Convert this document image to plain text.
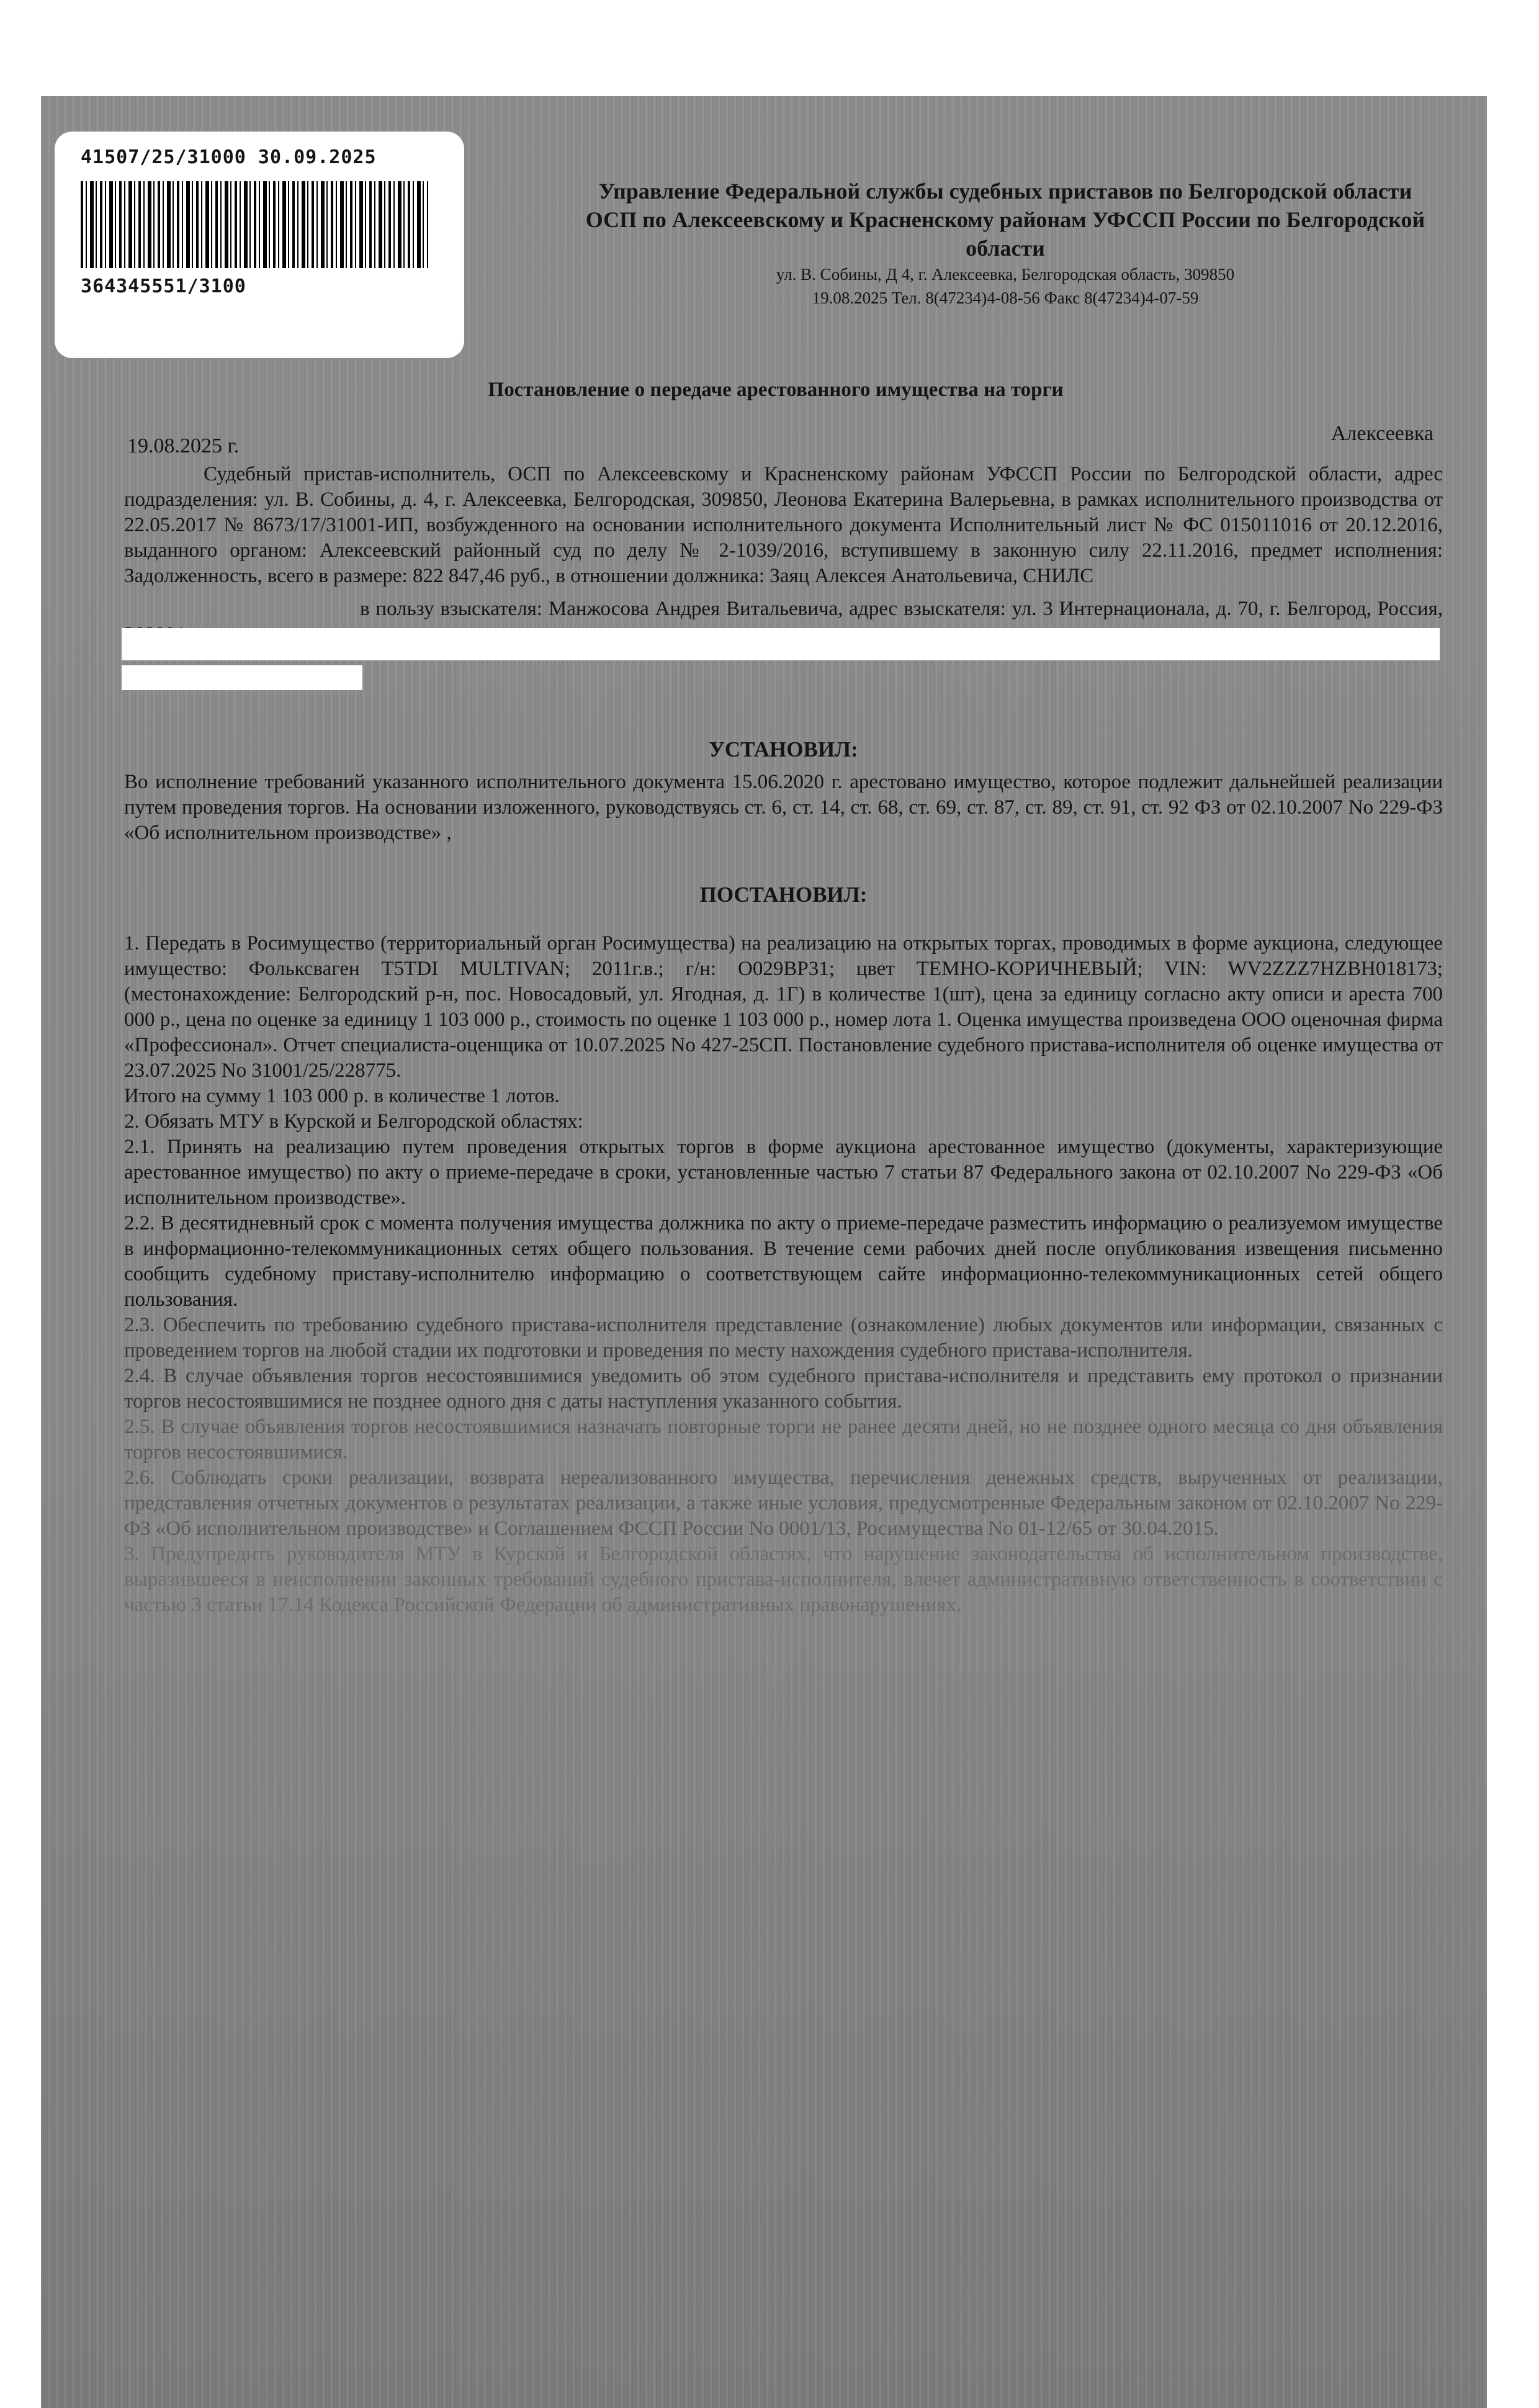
41507/25/31000 30.09.2025
364345551/3100
Управление Федеральной службы судебных приставов по Белгородской области
ОСП по Алексеевскому и Красненскому районам УФССП России по Белгородской области
ул. В. Собины, Д 4, г. Алексеевка, Белгородская область, 309850
19.08.2025 Тел. 8(47234)4-08-56 Факс 8(47234)4-07-59
Постановление о передаче арестованного имущества на торги
Алексеевка
19.08.2025 г.
Судебный пристав-исполнитель, ОСП по Алексеевскому и Красненскому районам УФССП России по Белгородской области, адрес подразделения: ул. В. Собины, д. 4, г. Алексеевка, Белгородская, 309850, Леонова Екатерина Валерьевна, в рамках исполнительного производства от 22.05.2017 № 8673/17/31001-ИП, возбужденного на основании исполнительного документа Исполнительный лист № ФС 015011016 от 20.12.2016, выданного органом: Алексеевский районный суд по делу № 2-1039/2016, вступившему в законную силу 22.11.2016, предмет исполнения: Задолженность, всего в размере: 822 847,46 руб., в отношении должника: Заяц Алексея Анатольевича, СНИЛС
в пользу взыскателя: Манжосова Андрея Витальевича, адрес взыскателя: ул. 3 Интернационала, д. 70, г. Белгород, Россия,
УСТАНОВИЛ:
Во исполнение требований указанного исполнительного документа 15.06.2020 г. арестовано имущество, которое подлежит дальнейшей реализации путем проведения торгов. На основании изложенного, руководствуясь ст. 6, ст. 14, ст. 68, ст. 69, ст. 87, ст. 89, ст. 91, ст. 92 ФЗ от 02.10.2007 No 229-ФЗ «Об исполнительном производстве» ,
ПОСТАНОВИЛ:
1. Передать в Росимущество (территориальный орган Росимущества) на реализацию на открытых торгах, проводимых в форме аукциона, следующее имущество: Фольксваген T5TDI MULTIVAN; 2011г.в.; г/н: O029BP31; цвет ТЕМНО-КОРИЧНЕВЫЙ; VIN: WV2ZZZ7HZBH018173; (местонахождение: Белгородский р-н, пос. Новосадовый, ул. Ягодная, д. 1Г) в количестве 1(шт), цена за единицу согласно акту описи и ареста 700 000 р., цена по оценке за единицу 1 103 000 р., стоимость по оценке 1 103 000 р., номер лота 1. Оценка имущества произведена ООО оценочная фирма «Профессионал». Отчет специалиста-оценщика от 10.07.2025 No 427-25СП. Постановление судебного пристава-исполнителя об оценке имущества от 23.07.2025 No 31001/25/228775.
Итого на сумму 1 103 000 р. в количестве 1 лотов.
2. Обязать МТУ в Курской и Белгородской областях:
2.1. Принять на реализацию путем проведения открытых торгов в форме аукциона арестованное имущество (документы, характеризующие арестованное имущество) по акту о приеме-передаче в сроки, установленные частью 7 статьи 87 Федерального закона от 02.10.2007 No 229-ФЗ «Об исполнительном производстве».
2.2. В десятидневный срок с момента получения имущества должника по акту о приеме-передаче разместить информацию о реализуемом имуществе в информационно-телекоммуникационных сетях общего пользования. В течение семи рабочих дней после опубликования извещения письменно сообщить судебному приставу-исполнителю информацию о соответствующем сайте информационно-телекоммуникационных сетей общего пользования.
2.3. Обеспечить по требованию судебного пристава-исполнителя представление (ознакомление) любых документов или информации, связанных с проведением торгов на любой стадии их подготовки и проведения по месту нахождения судебного пристава-исполнителя.
2.4. В случае объявления торгов несостоявшимися уведомить об этом судебного пристава-исполнителя и представить ему протокол о признании торгов несостоявшимися не позднее одного дня с даты наступления указанного события.
2.5. В случае объявления торгов несостоявшимися назначать повторные торги не ранее десяти дней, но не позднее одного месяца со дня объявления торгов несостоявшимися.
2.6. Соблюдать сроки реализации, возврата нереализованного имущества, перечисления денежных средств, вырученных от реализации, представления отчетных документов о результатах реализации, а также иные условия, предусмотренные Федеральным законом от 02.10.2007 No 229-ФЗ «Об исполнительном производстве» и Соглашением ФССП России No 0001/13, Росимущества No 01-12/65 от 30.04.2015.
3. Предупредить руководителя МТУ в Курской и Белгородской областях, что нарушение законодательства об исполнительном производстве, выразившееся в неисполнении законных требований судебного пристава-исполнителя, влечет административную ответственность в соответствии с частью 3 статьи 17.14 Кодекса Российской Федерации об административных правонарушениях.
